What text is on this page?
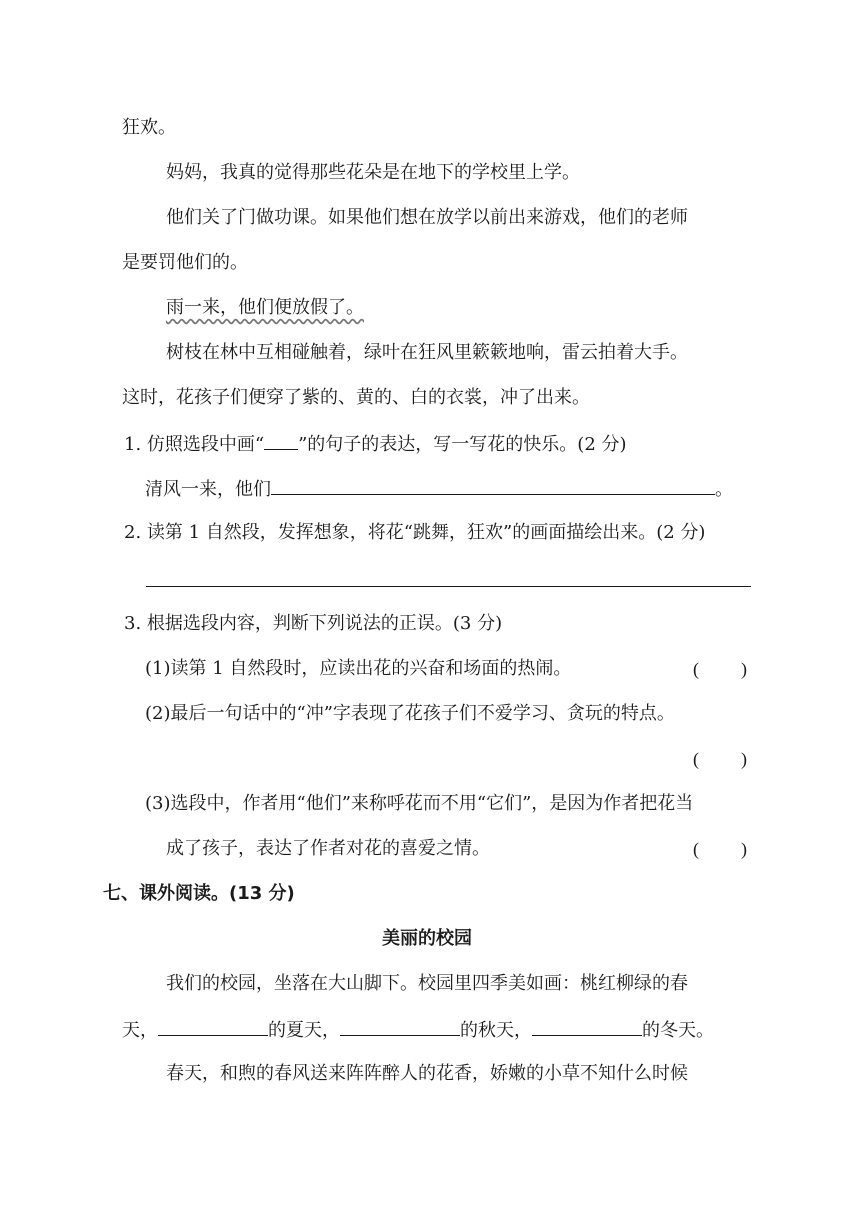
狂欢。
妈妈，我真的觉得那些花朵是在地下的学校里上学。
他们关了门做功课。如果他们想在放学以前出来游戏，他们的老师
是要罚他们的。
雨一来，他们便放假了。
树枝在林中互相碰触着，绿叶在狂风里簌簌地响，雷云拍着大手。
这时，花孩子们便穿了紫的、黄的、白的衣裳，冲了出来。
1. 仿照选段中画“ ”的句子的表达，写一写花的快乐。(2 分)
清风一来，他们	。
2. 读第 1 自然段，发挥想象，将花“跳舞，狂欢”的画面描绘出来。(2 分)
3. 根据选段内容，判断下列说法的正误。(3 分)
(1)读第 1 自然段时，应读出花的兴奋和场面的热闹。	( )
(2)最后一句话中的“冲”字表现了花孩子们不爱学习、贪玩的特点。
( )
(3)选段中，作者用“他们”来称呼花而不用“它们”，是因为作者把花当
成了孩子，表达了作者对花的喜爱之情。	( )
七、课外阅读。(13 分)
美丽的校园
我们的校园，坐落在大山脚下。校园里四季美如画：桃红柳绿的春
天，	的夏天，	的秋天，	的冬天。
春天，和煦的春风送来阵阵醉人的花香，娇嫩的小草不知什么时候
